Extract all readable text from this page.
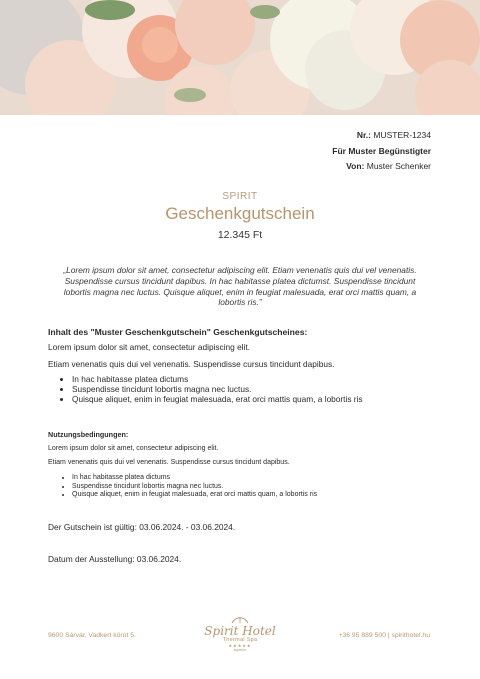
Nr.: MUSTER-1234
Für Muster Begünstigter
Von: Muster Schenker
SPIRIT
Geschenkgutschein
12.345 Ft
„Lorem ipsum dolor sit amet, consectetur adipiscing elit. Etiam venenatis quis dui vel venenatis. Suspendisse cursus tincidunt dapibus. In hac habitasse platea dictumst. Suspendisse tincidunt lobortis magna nec luctus. Quisque aliquet, enim in feugiat malesuada, erat orci mattis quam, a lobortis ris.”
Inhalt des "Muster Geschenkgutschein" Geschenkgutscheines:
Lorem ipsum dolor sit amet, consectetur adipiscing elit.
Etiam venenatis quis dui vel venenatis. Suspendisse cursus tincidunt dapibus.
• In hac habitasse platea dictums
• Suspendisse tincidunt lobortis magna nec luctus.
• Quisque aliquet, enim in feugiat malesuada, erat orci mattis quam, a lobortis ris
Nutzungsbedingungen:
Lorem ipsum dolor sit amet, consectetur adipiscing elit.
Etiam venenatis quis dui vel venenatis. Suspendisse cursus tincidunt dapibus.
• In hac habitasse platea dictums
• Suspendisse tincidunt lobortis magna nec luctus.
• Quisque aliquet, enim in feugiat malesuada, erat orci mattis quam, a lobortis ris
Der Gutschein ist gültig: 03.06.2024. - 03.06.2024.
Datum der Ausstellung: 03.06.2024.
9600 Sárvár, Vadkert körút 5.	Spirit Hotel
Thermal Spa
★★★★★
superior
+36 95 889 500 | spirithotel.hu
